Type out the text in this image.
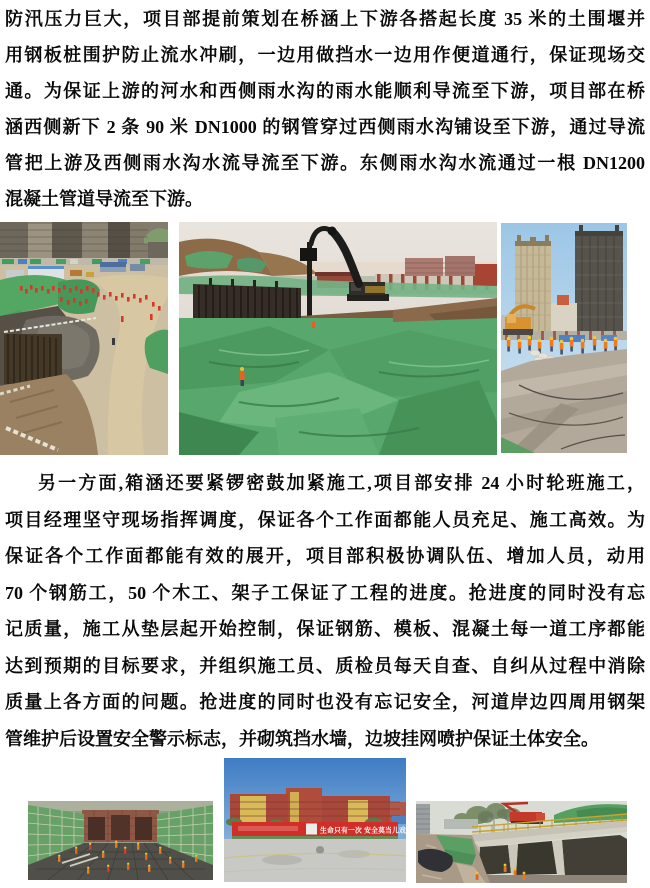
防汛压力巨大，项目部提前策划在桥涵上下游各搭起长度 35 米的土围堰并
用钢板桩围护防止流水冲刷，一边用做挡水一边用作便道通行，保证现场交
通。为保证上游的河水和西侧雨水沟的雨水能顺利导流至下游，项目部在桥
涵西侧新下 2 条 90 米 DN1000 的钢管穿过西侧雨水沟铺设至下游，通过导流
管把上游及西侧雨水沟水流导流至下游。东侧雨水沟水流通过一根 DN1200
混凝土管道导流至下游。
另一方面,箱涵还要紧锣密鼓加紧施工,项目部安排 24 小时轮班施工，
项目经理坚守现场指挥调度，保证各个工作面都能人员充足、施工高效。为
保证各个工作面都能有效的展开，项目部积极协调队伍、增加人员，动用
70 个钢筋工，50 个木工、架子工保证了工程的进度。抢进度的同时没有忘
记质量，施工从垫层起开始控制，保证钢筋、模板、混凝土每一道工序都能
达到预期的目标要求，并组织施工员、质检员每天自查、自纠从过程中消除
质量上各方面的问题。抢进度的同时也没有忘记安全，河道岸边四周用钢架
管维护后设置安全警示标志，并砌筑挡水墙，边坡挂网喷护保证土体安全。
生命只有一次 安全莫当儿戏
